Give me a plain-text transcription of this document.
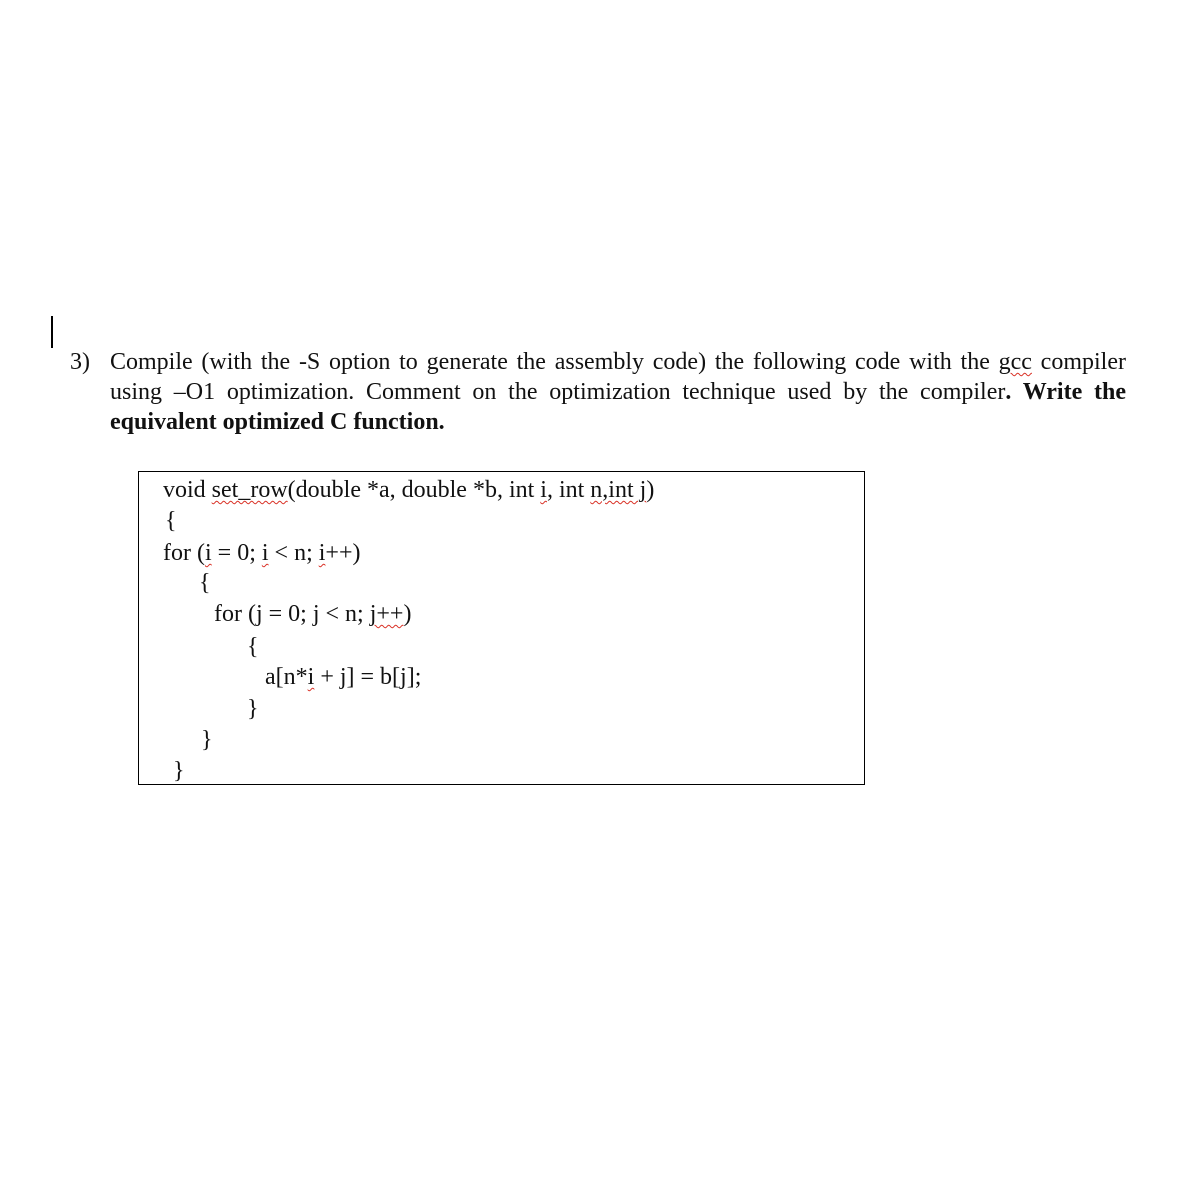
3) Compile (with the -S option to generate the assembly code) the following code with the gcc compiler using –O1 optimization. Comment on the optimization technique used by the compiler. Write the equivalent optimized C function.
void set_row(double *a, double *b, int i, int n,int j)
{
for (i = 0; i < n; i++)
{
for (j = 0; j < n; j++)
{
a[n*i + j] = b[j];
}
}
}
